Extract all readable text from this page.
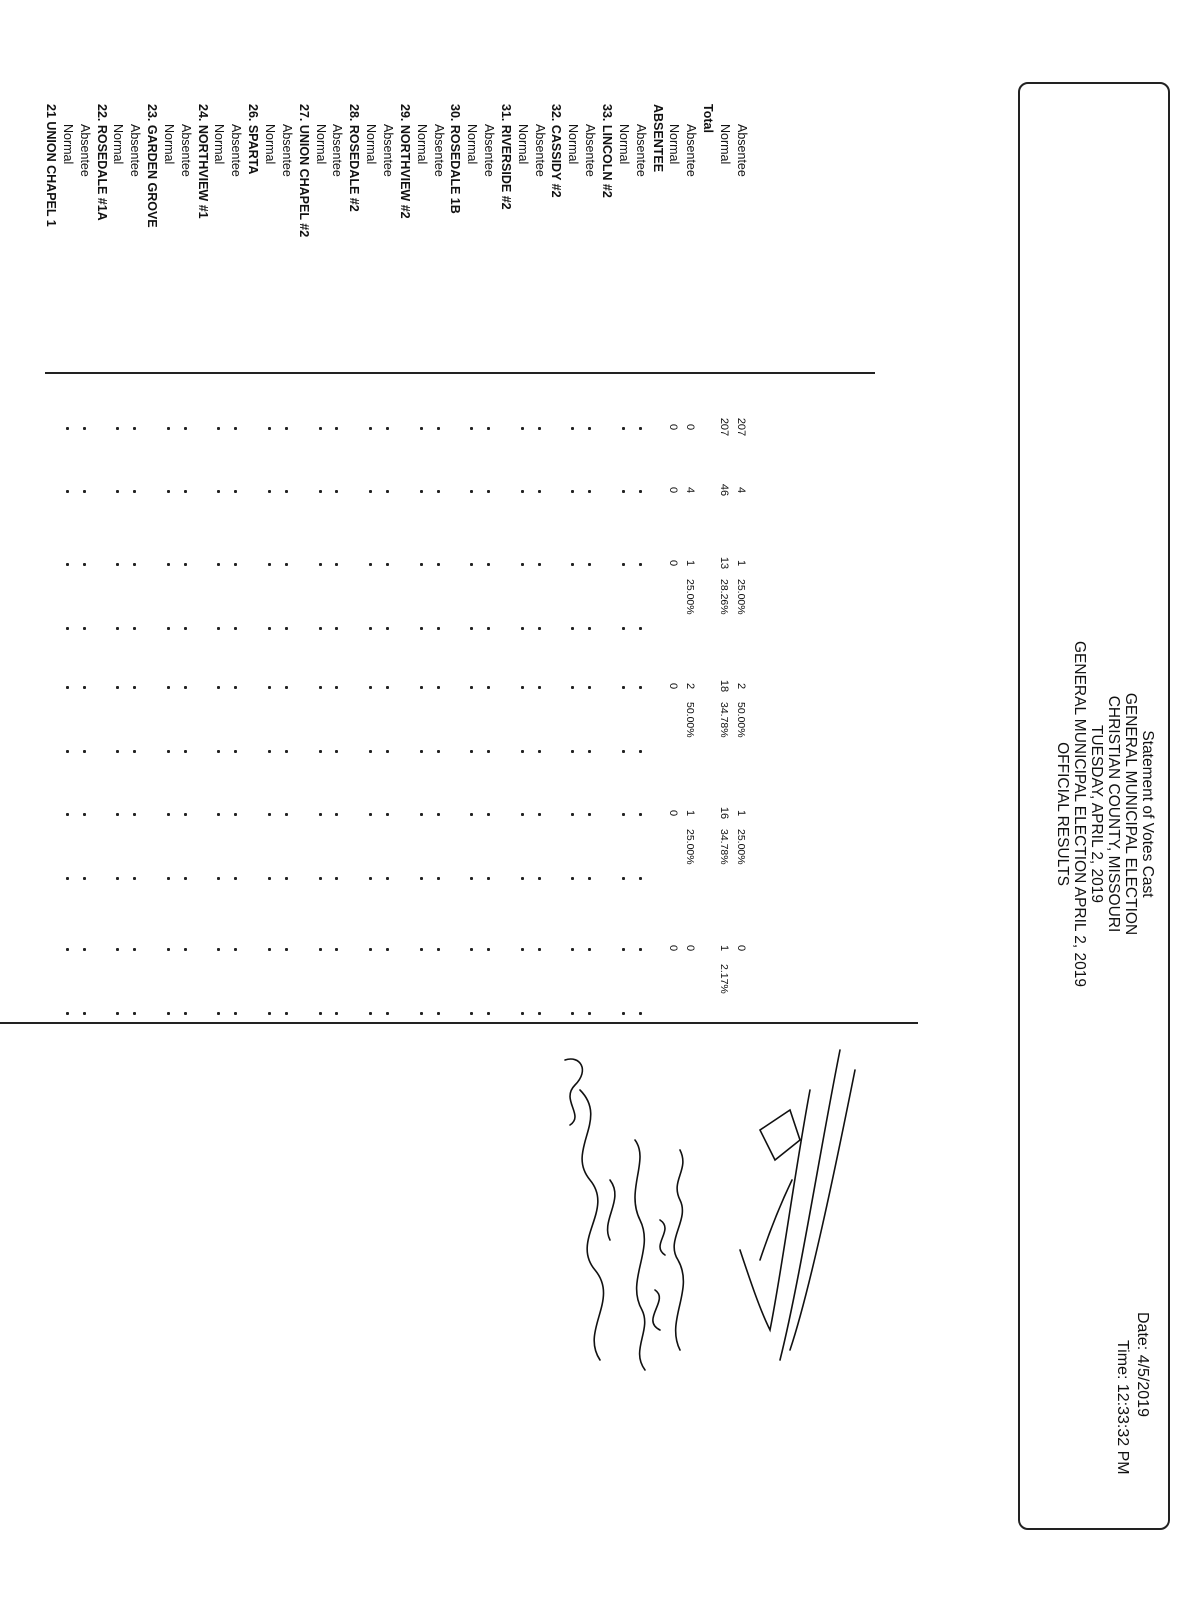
Statement of Votes Cast
GENERAL MUNICIPAL ELECTION
CHRISTIAN COUNTY, MISSOURI
TUESDAY, APRIL 2, 2019
GENERAL MUNICIPAL ELECTION APRIL 2, 2019
OFFICIAL RESULTS
Date: 4/5/2019
Time: 12:33:32 PM
21 UNION CHAPEL 1 Normal Absentee 22. ROSEDALE #1A Normal Absentee 23. GARDEN GROVE Normal Absentee 24. NORTHVIEW #1 Normal Absentee 26. SPARTA Normal Absentee 27. UNION CHAPEL #2 Normal Absentee 28. ROSEDALE #2 Normal Absentee 29. NORTHVIEW #2 Normal Absentee 30. ROSEDALE 1B Normal Absentee 31. RIVERSIDE #2 Normal Absentee 32. CASSIDY #2 Normal Absentee 33. LINCOLN #2 Normal Absentee ABSENTEE Normal Absentee
Total
Normal Absentee
0
0
0
0
0
0
0
4
1
2
1
0
25.00%
50.00%
25.00%
207
46
13
18
16
1
28.26%
34.78%
34.78%
2.17%
207
4
1
2
1
0
25.00%
50.00%
25.00%
